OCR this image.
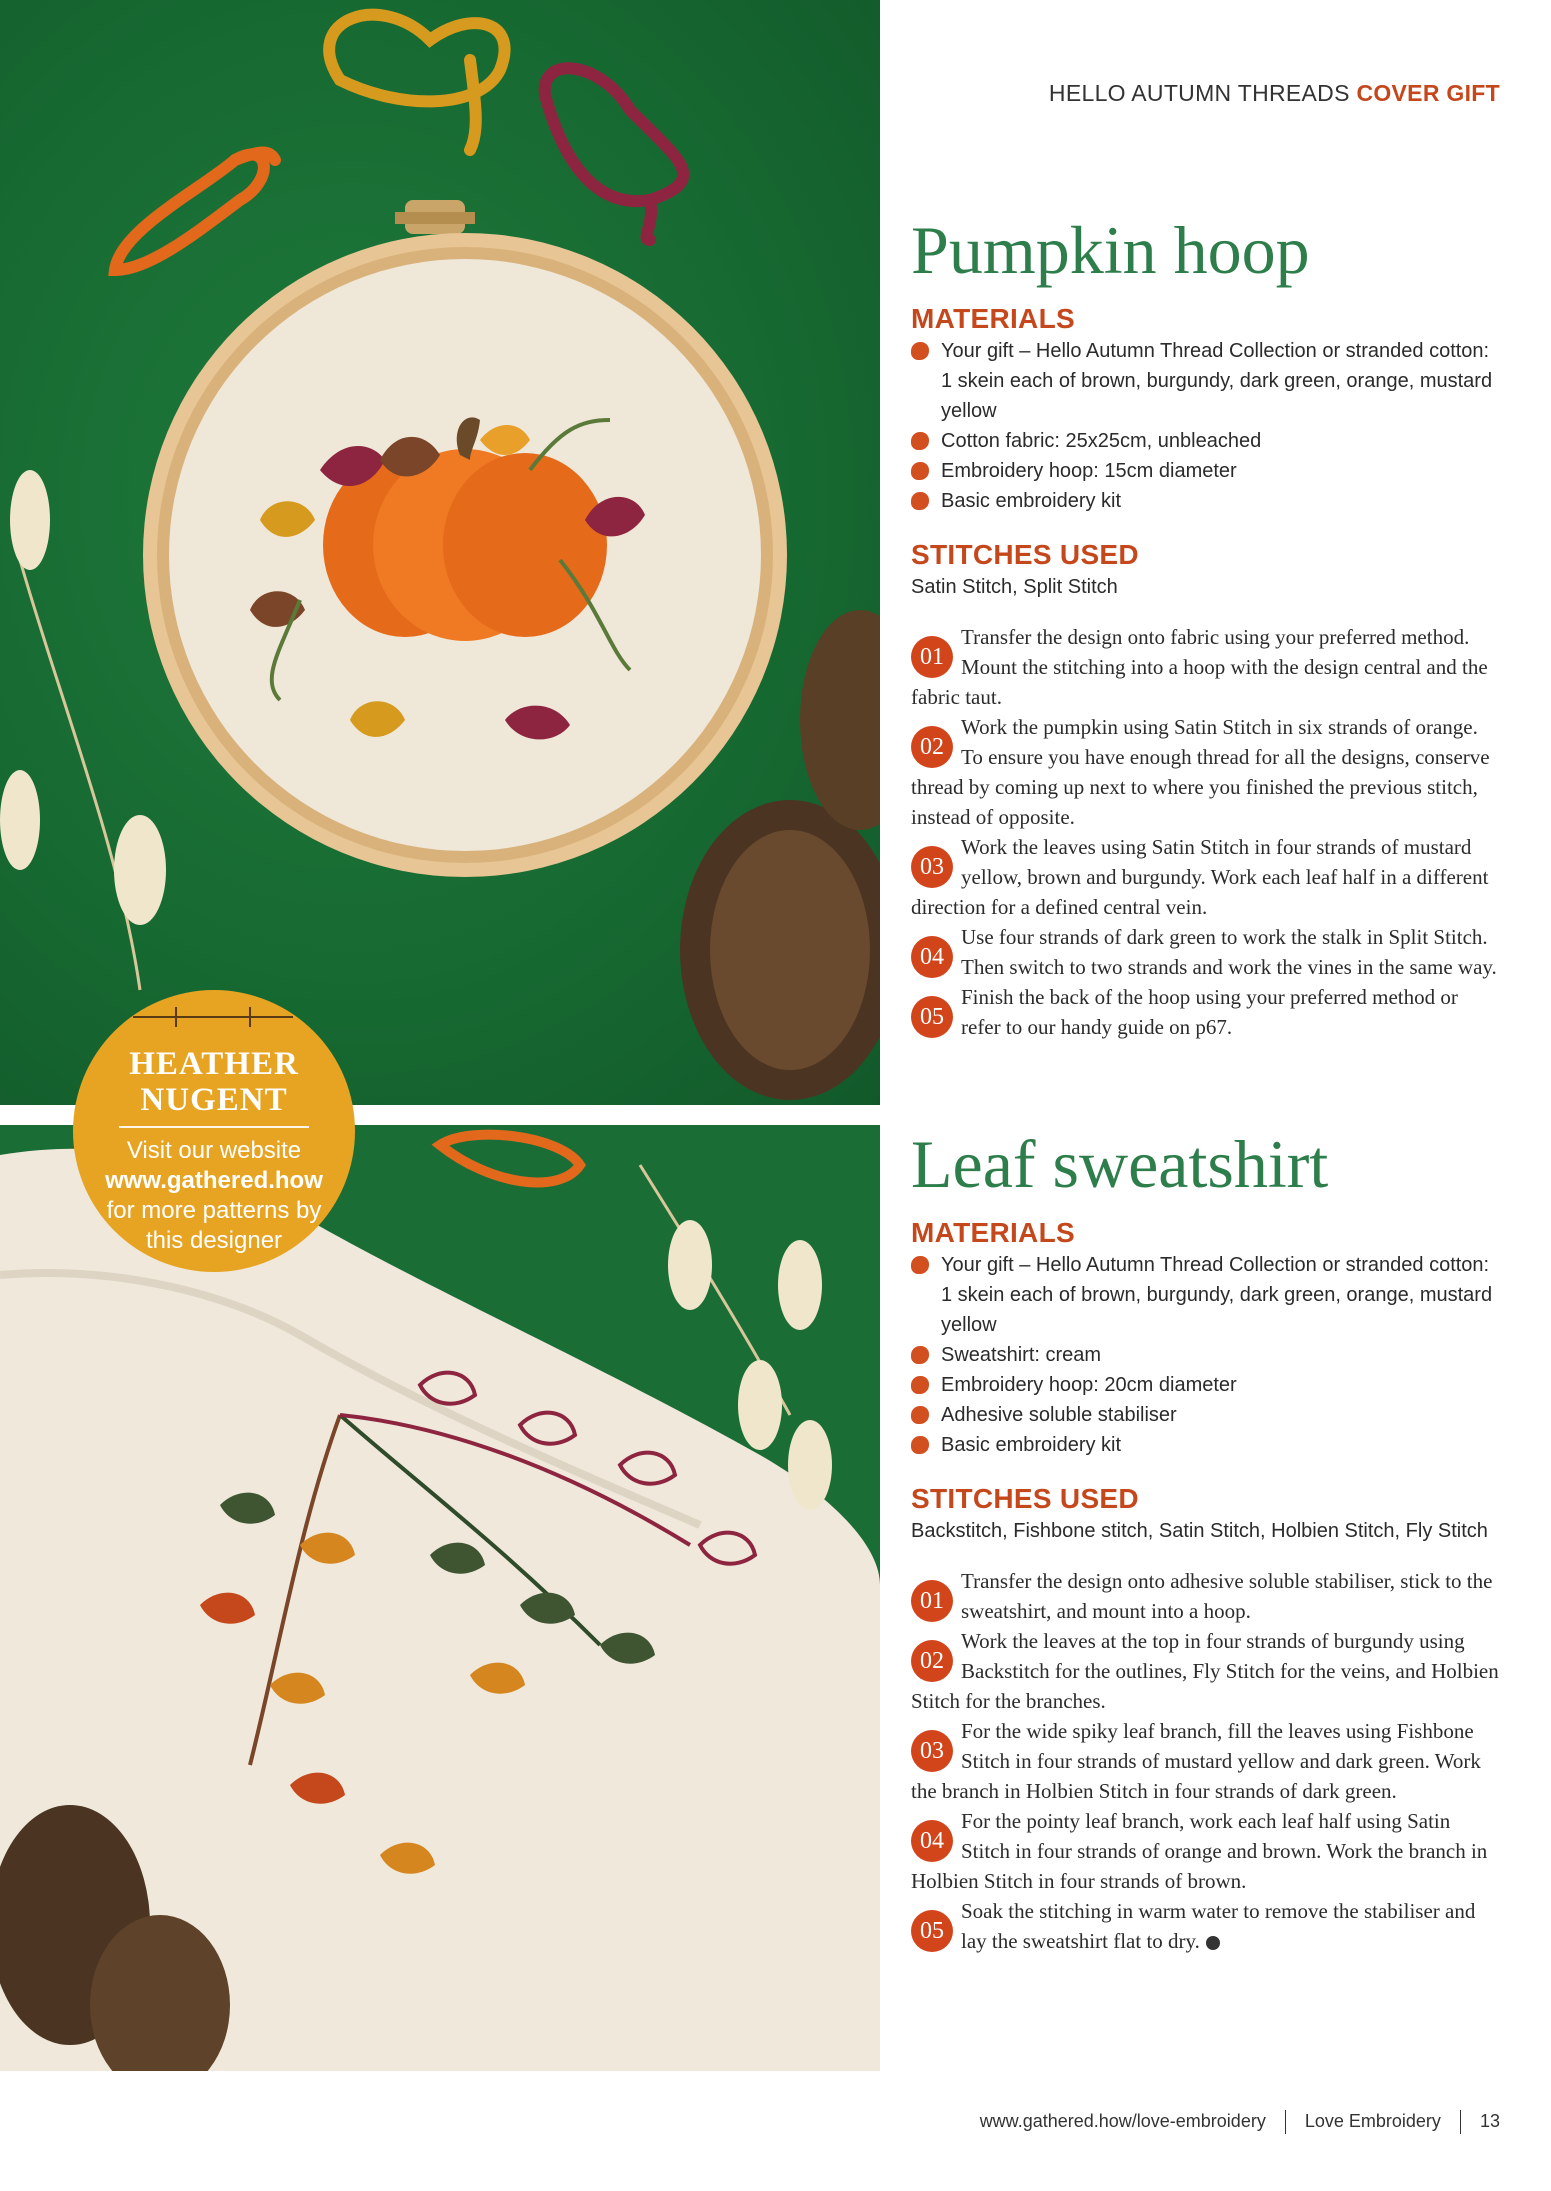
HEATHER
NUGENT
Visit our website
www.gathered.how
for more patterns by
this designer
HELLO AUTUMN THREADS COVER GIFT
Pumpkin hoop
MATERIALS
Your gift – Hello Autumn Thread Collection or stranded cotton: 1 skein each of brown, burgundy, dark green, orange, mustard yellow
Cotton fabric: 25x25cm, unbleached
Embroidery hoop: 15cm diameter
Basic embroidery kit
STITCHES USED

Satin Stitch, Split Stitch

01
Transfer the design onto fabric using your preferred method. Mount the stitching into a hoop with the design central and the fabric taut.

02
Work the pumpkin using Satin Stitch in six strands of orange. To ensure you have enough thread for all the designs, conserve thread by coming up next to where you finished the previous stitch, instead of opposite.

03
Work the leaves using Satin Stitch in four strands of mustard yellow, brown and burgundy. Work each leaf half in a different direction for a defined central vein.

04
Use four strands of dark green to work the stalk in Split Stitch. Then switch to two strands and work the vines in the same way.

05
Finish the back of the hoop using your preferred method or refer to our handy guide on p67.

Leaf sweatshirt
MATERIALS
Your gift – Hello Autumn Thread Collection or stranded cotton: 1 skein each of brown, burgundy, dark green, orange, mustard yellow
Sweatshirt: cream
Embroidery hoop: 20cm diameter
Adhesive soluble stabiliser
Basic embroidery kit
STITCHES USED

Backstitch, Fishbone stitch, Satin Stitch, Holbien Stitch, Fly Stitch

01
Transfer the design onto adhesive soluble stabiliser, stick to the sweatshirt, and mount into a hoop.

02
Work the leaves at the top in four strands of burgundy using Backstitch for the outlines, Fly Stitch for the veins, and Holbien Stitch for the branches.

03
For the wide spiky leaf branch, fill the leaves using Fishbone Stitch in four strands of mustard yellow and dark green. Work the branch in Holbien Stitch in four strands of dark green.

04
For the pointy leaf branch, work each leaf half using Satin Stitch in four strands of orange and brown. Work the branch in Holbien Stitch in four strands of brown.

05
Soak the stitching in warm water to remove the stabiliser and lay the sweatshirt flat to dry.

www.gathered.how/love-embroidery Love Embroidery 13
